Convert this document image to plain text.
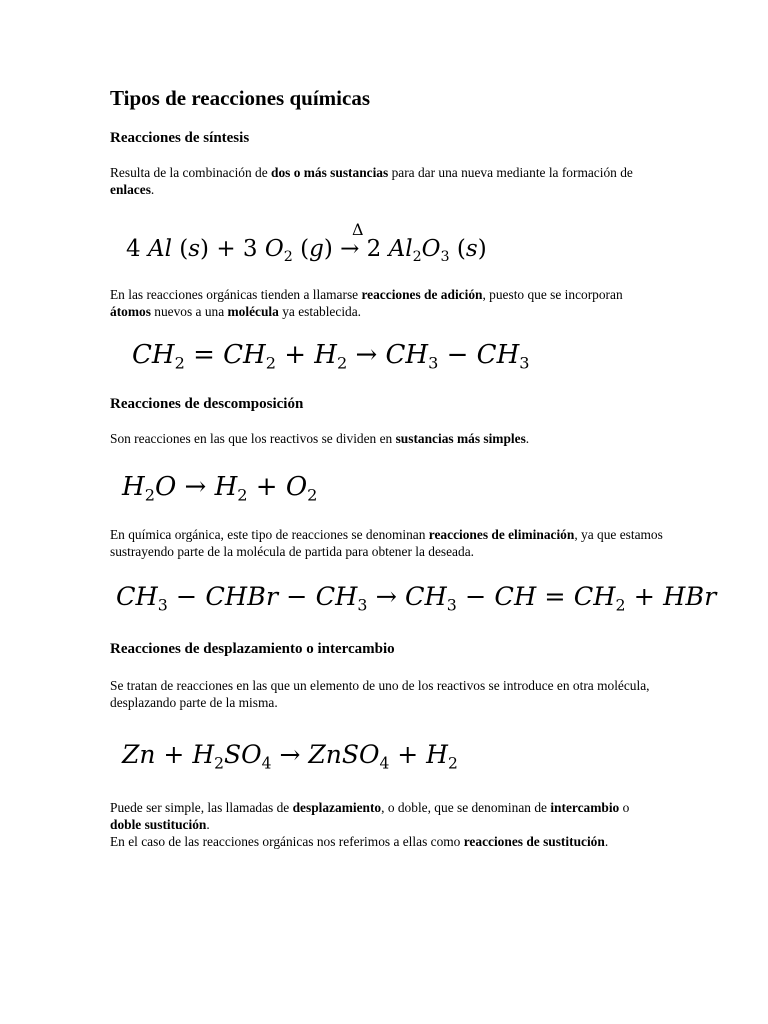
Tipos de reacciones químicas
Reacciones de síntesis

Resulta de la combinación de dos o más sustancias para dar una nueva mediante la formación de enlaces.

Δ
4 Al (s) + 3 $O_2$ (g) → 2 $Al_2O_3$ (s)

En las reacciones orgánicas tienden a llamarse reacciones de adición, puesto que se incorporan átomos nuevos a una molécula ya establecida.

$CH_2 = CH_2 + H_2 \to CH_3 - CH_3$
Reacciones de descomposición

Son reacciones en las que los reactivos se dividen en sustancias más simples.

$H_2O \to H_2 + O_2$

En química orgánica, este tipo de reacciones se denominan reacciones de eliminación, ya que estamos sustrayendo parte de la molécula de partida para obtener la deseada.

$CH_3$ − CHBr − $CH_3 \to CH_3$ − CH = $CH_2$ + HBr
Reacciones de desplazamiento o intercambio

Se tratan de reacciones en las que un elemento de uno de los reactivos se introduce en otra molécula, desplazando parte de la misma.

$Zn + H_2SO_4$ → ZnSO$_4$ + $H_2$

Puede ser simple, las llamadas de desplazamiento, o doble, que se denominan de intercambio o doble sustitución.

En el caso de las reacciones orgánicas nos referimos a ellas como reacciones de sustitución.
